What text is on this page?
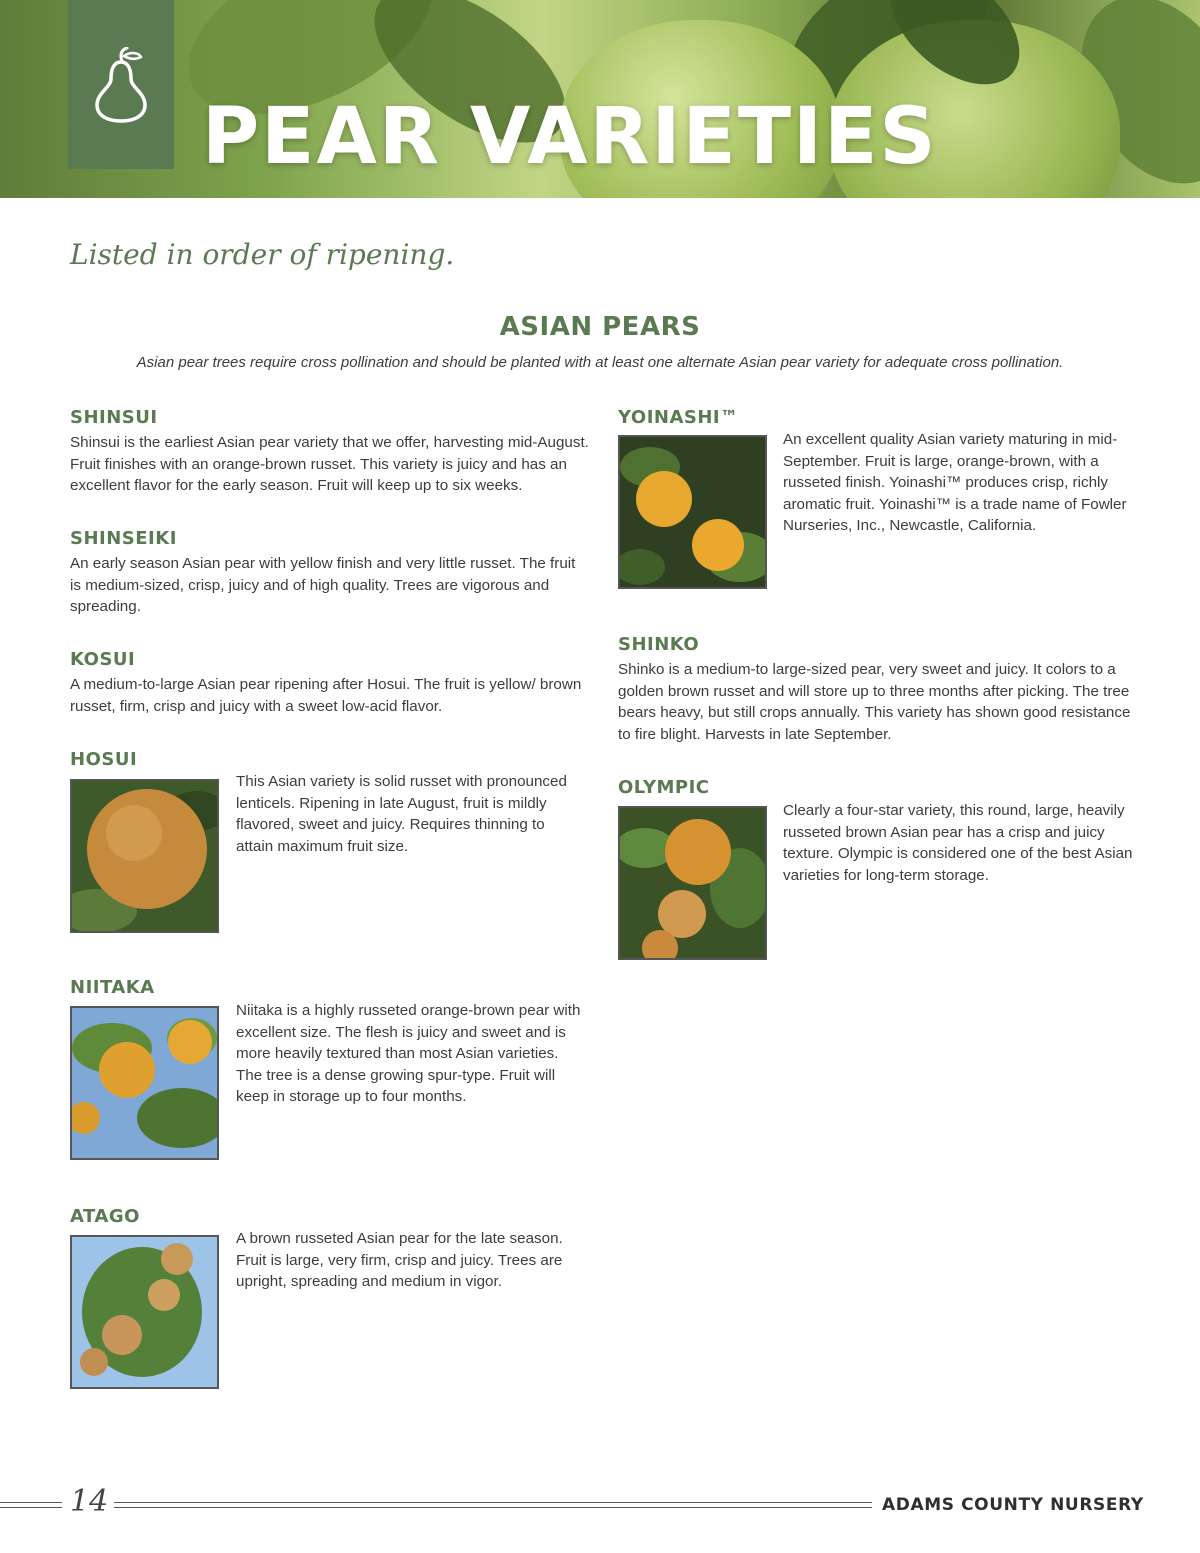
PEAR VARIETIES

Listed in order of ripening.

ASIAN PEARS

Asian pear trees require cross pollination and should be planted with at least one alternate Asian pear variety for adequate cross pollination.

SHINSUI

Shinsui is the earliest Asian pear variety that we offer, harvesting mid-August. Fruit finishes with an orange-brown russet. This variety is juicy and has an excellent flavor for the early season. Fruit will keep up to six weeks.

SHINSEIKI

An early season Asian pear with yellow finish and very little russet. The fruit is medium-sized, crisp, juicy and of high quality. Trees are vigorous and spreading.

KOSUI

A medium-to-large Asian pear ripening after Hosui. The fruit is yellow/ brown russet, firm, crisp and juicy with a sweet low-acid flavor.

HOSUI

This Asian variety is solid russet with pronounced lenticels. Ripening in late August, fruit is mildly flavored, sweet and juicy. Requires thinning to attain maximum fruit size.

NIITAKA

Niitaka is a highly russeted orange-brown pear with excellent size. The flesh is juicy and sweet and is more heavily textured than most Asian varieties. The tree is a dense growing spur-type. Fruit will keep in storage up to four months.

ATAGO

A brown russeted Asian pear for the late season. Fruit is large, very firm, crisp and juicy. Trees are upright, spreading and medium in vigor.

YOINASHI™

An excellent quality Asian variety maturing in mid-September. Fruit is large, orange-brown, with a russeted finish. Yoinashi™ produces crisp, richly aromatic fruit. Yoinashi™ is a trade name of Fowler Nurseries, Inc., Newcastle, California.

SHINKO

Shinko is a medium-to large-sized pear, very sweet and juicy. It colors to a golden brown russet and will store up to three months after picking. The tree bears heavy, but still crops annually. This variety has shown good resistance to fire blight. Harvests in late September.

OLYMPIC

Clearly a four-star variety, this round, large, heavily russeted brown Asian pear has a crisp and juicy texture. Olympic is considered one of the best Asian varieties for long-term storage.

14	ADAMS COUNTY NURSERY
